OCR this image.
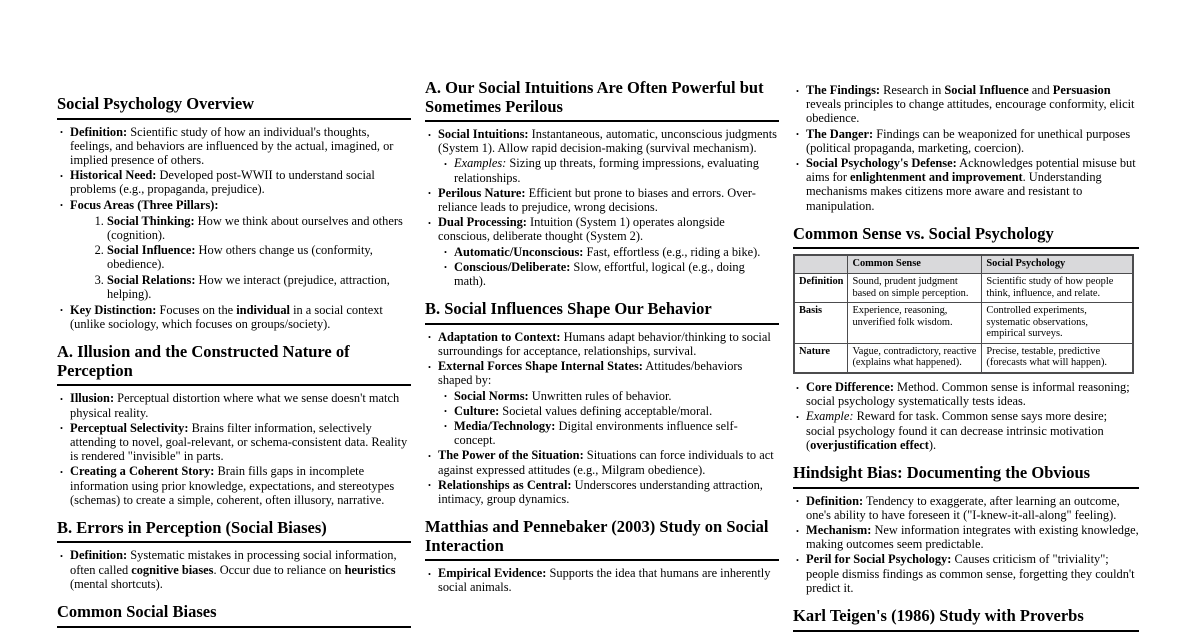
Social Psychology Overview
• Definition: Scientific study of how an individual's thoughts, feelings, and behaviors are influenced by the actual, imagined, or implied presence of others.
• Historical Need: Developed post-WWII to understand social problems (e.g., propaganda, prejudice).
• Focus Areas (Three Pillars):
1. Social Thinking: How we think about ourselves and others (cognition).
2. Social Influence: How others change us (conformity, obedience).
3. Social Relations: How we interact (prejudice, attraction, helping).
• Key Distinction: Focuses on the individual in a social context (unlike sociology, which focuses on groups/society).
A. Illusion and the Constructed Nature of Perception
• Illusion: Perceptual distortion where what we sense doesn't match physical reality.
• Perceptual Selectivity: Brains filter information, selectively attending to novel, goal-relevant, or schema-consistent data. Reality is rendered "invisible" in parts.
• Creating a Coherent Story: Brain fills gaps in incomplete information using prior knowledge, expectations, and stereotypes (schemas) to create a simple, coherent, often illusory, narrative.
B. Errors in Perception (Social Biases)
• Definition: Systematic mistakes in processing social information, often called cognitive biases. Occur due to reliance on heuristics (mental shortcuts).
Common Social Biases
A. Our Social Intuitions Are Often Powerful but Sometimes Perilous
• Social Intuitions: Instantaneous, automatic, unconscious judgments (System 1). Allow rapid decision-making (survival mechanism).
• Examples: Sizing up threats, forming impressions, evaluating relationships.
• Perilous Nature: Efficient but prone to biases and errors. Over-reliance leads to prejudice, wrong decisions.
• Dual Processing: Intuition (System 1) operates alongside conscious, deliberate thought (System 2).
• Automatic/Unconscious: Fast, effortless (e.g., riding a bike).
• Conscious/Deliberate: Slow, effortful, logical (e.g., doing math).
B. Social Influences Shape Our Behavior
• Adaptation to Context: Humans adapt behavior/thinking to social surroundings for acceptance, relationships, survival.
• External Forces Shape Internal States: Attitudes/behaviors shaped by:
• Social Norms: Unwritten rules of behavior.
• Culture: Societal values defining acceptable/moral.
• Media/Technology: Digital environments influence self-concept.
• The Power of the Situation: Situations can force individuals to act against expressed attitudes (e.g., Milgram obedience).
• Relationships as Central: Underscores understanding attraction, intimacy, group dynamics.
Matthias and Pennebaker (2003) Study on Social Interaction
• Empirical Evidence: Supports the idea that humans are inherently social animals.
• The Findings: Research in Social Influence and Persuasion reveals principles to change attitudes, encourage conformity, elicit obedience.
• The Danger: Findings can be weaponized for unethical purposes (political propaganda, marketing, coercion).
• Social Psychology's Defense: Acknowledges potential misuse but aims for enlightenment and improvement. Understanding mechanisms makes citizens more aware and resistant to manipulation.
Common Sense vs. Social Psychology
	Common Sense	Social Psychology
Definition	Sound, prudent judgment based on simple perception.	Scientific study of how people think, influence, and relate.
Basis	Experience, reasoning, unverified folk wisdom.	Controlled experiments, systematic observations, empirical surveys.
Nature	Vague, contradictory, reactive (explains what happened).	Precise, testable, predictive (forecasts what will happen).
• Core Difference: Method. Common sense is informal reasoning; social psychology systematically tests ideas.
• Example: Reward for task. Common sense says more desire; social psychology found it can decrease intrinsic motivation (overjustification effect).
Hindsight Bias: Documenting the Obvious
• Definition: Tendency to exaggerate, after learning an outcome, one's ability to have foreseen it ("I-knew-it-all-along" feeling).
• Mechanism: New information integrates with existing knowledge, making outcomes seem predictable.
• Peril for Social Psychology: Causes criticism of "triviality"; people dismiss findings as common sense, forgetting they couldn't predict it.
Karl Teigen's (1986) Study with Proverbs
